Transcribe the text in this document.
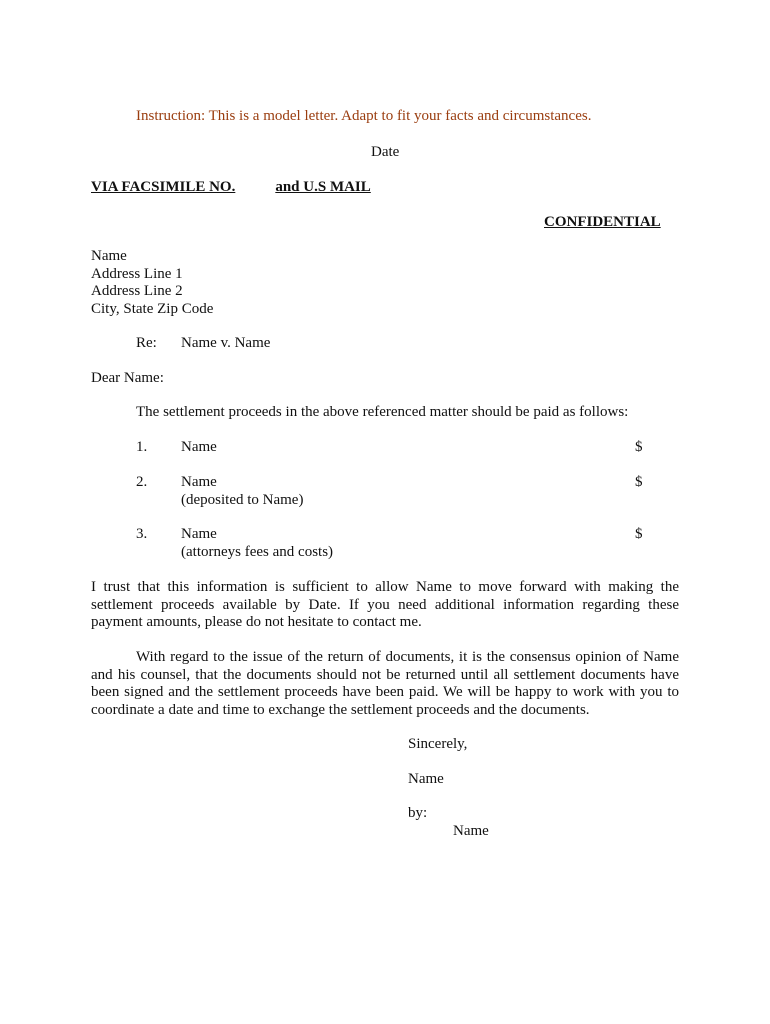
Instruction: This is a model letter. Adapt to fit your facts and circumstances.
Date
VIA FACSIMILE NO.	and U.S MAIL
CONFIDENTIAL
Name
Address Line 1
Address Line 2
City, State Zip Code
Re: Name v. Name
Dear Name:
The settlement proceeds in the above referenced matter should be paid as follows:
1. Name	$
2. Name
(deposited to Name)
$
3. Name
(attorneys fees and costs)
$
I trust that this information is sufficient to allow Name to move forward with making the settlement proceeds available by Date. If you need additional information regarding these payment amounts, please do not hesitate to contact me.
With regard to the issue of the return of documents, it is the consensus opinion of Name and his counsel, that the documents should not be returned until all settlement documents have been signed and the settlement proceeds have been paid. We will be happy to work with you to coordinate a date and time to exchange the settlement proceeds and the documents.
Sincerely,
Name
by:
Name
